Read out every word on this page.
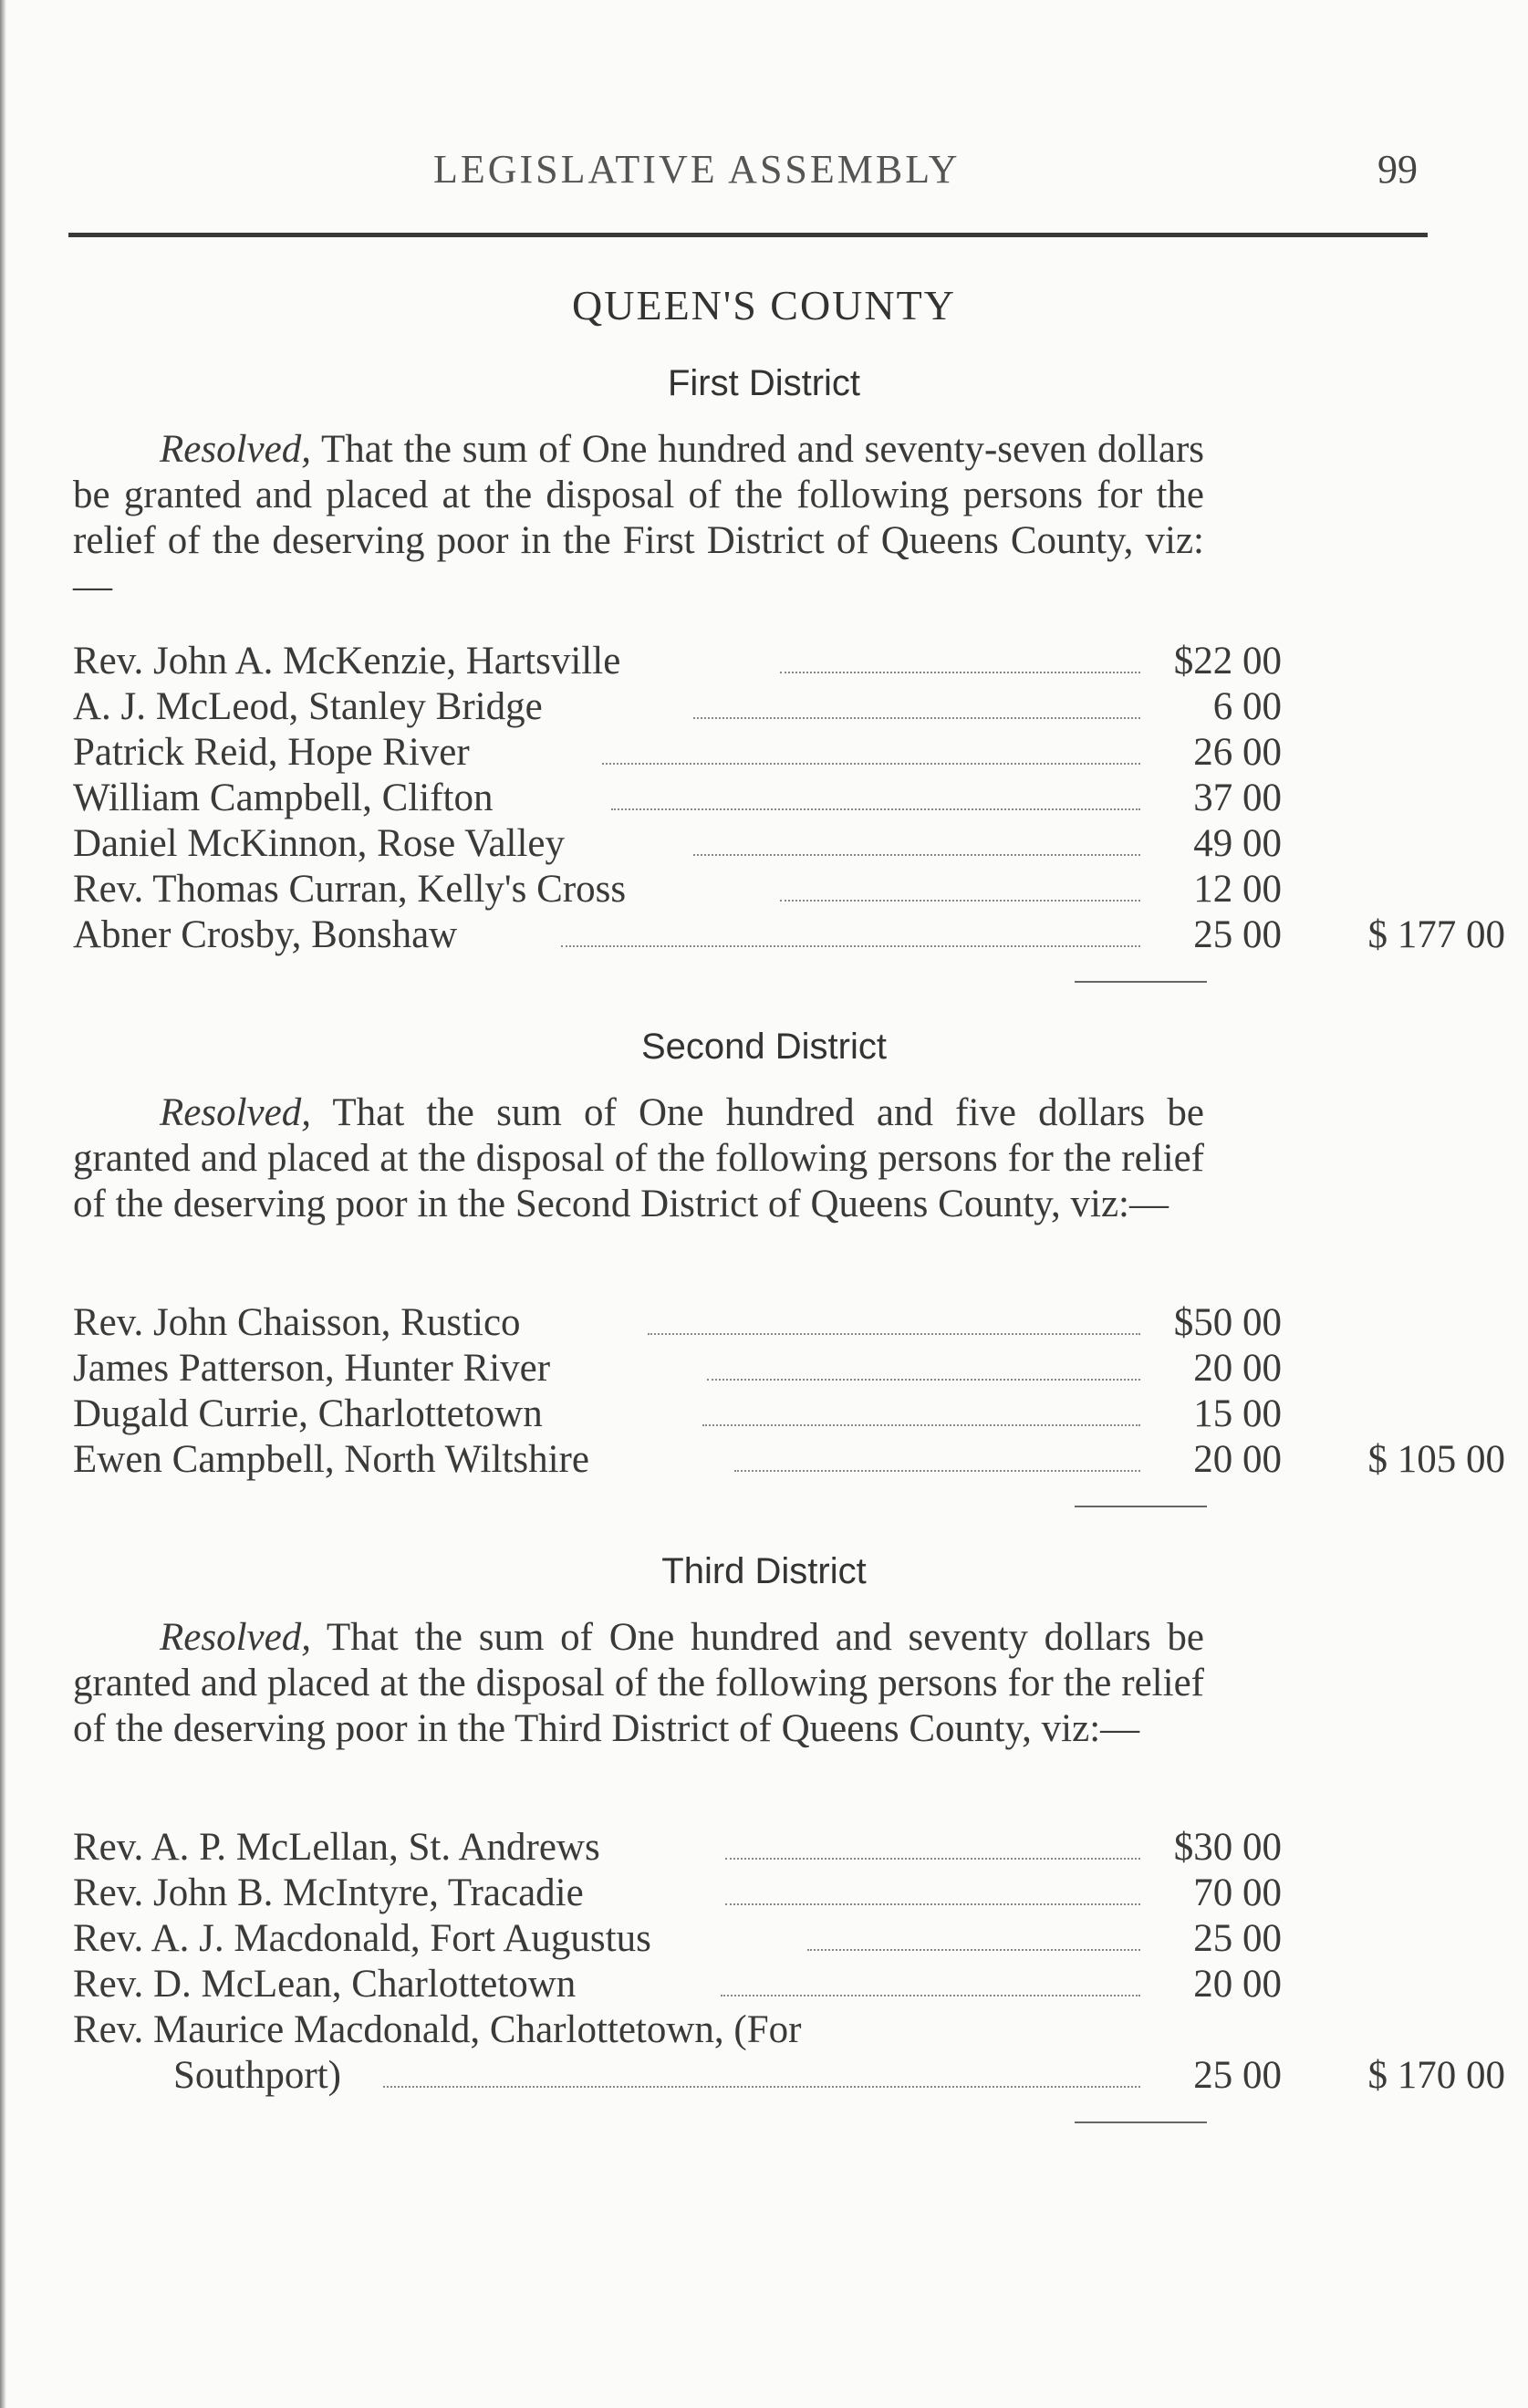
LEGISLATIVE ASSEMBLY	99
QUEEN'S COUNTY
First District

Resolved, That the sum of One hundred and seventy-seven dollars be granted and placed at the disposal of the following persons for the relief of the deserving poor in the First District of Queens County, viz:—

Rev. John A. McKenzie, Hartsville	$22 00
A. J. McLeod, Stanley Bridge	6 00
Patrick Reid, Hope River	26 00
William Campbell, Clifton	37 00
Daniel McKinnon, Rose Valley	49 00
Rev. Thomas Curran, Kelly's Cross	12 00
Abner Crosby, Bonshaw	25 00	$ 177 00
Second District

Resolved, That the sum of One hundred and five dollars be granted and placed at the disposal of the following persons for the relief of the deserving poor in the Second District of Queens County, viz:—

Rev. John Chaisson, Rustico	$50 00
James Patterson, Hunter River	20 00
Dugald Currie, Charlottetown	15 00
Ewen Campbell, North Wiltshire	20 00	$ 105 00
Third District

Resolved, That the sum of One hundred and seventy dollars be granted and placed at the disposal of the following persons for the relief of the deserving poor in the Third District of Queens County, viz:—

Rev. A. P. McLellan, St. Andrews	$30 00
Rev. John B. McIntyre, Tracadie	70 00
Rev. A. J. Macdonald, Fort Augustus	25 00
Rev. D. McLean, Charlottetown	20 00
Rev. Maurice Macdonald, Charlottetown, (For
Southport)	25 00	$ 170 00
